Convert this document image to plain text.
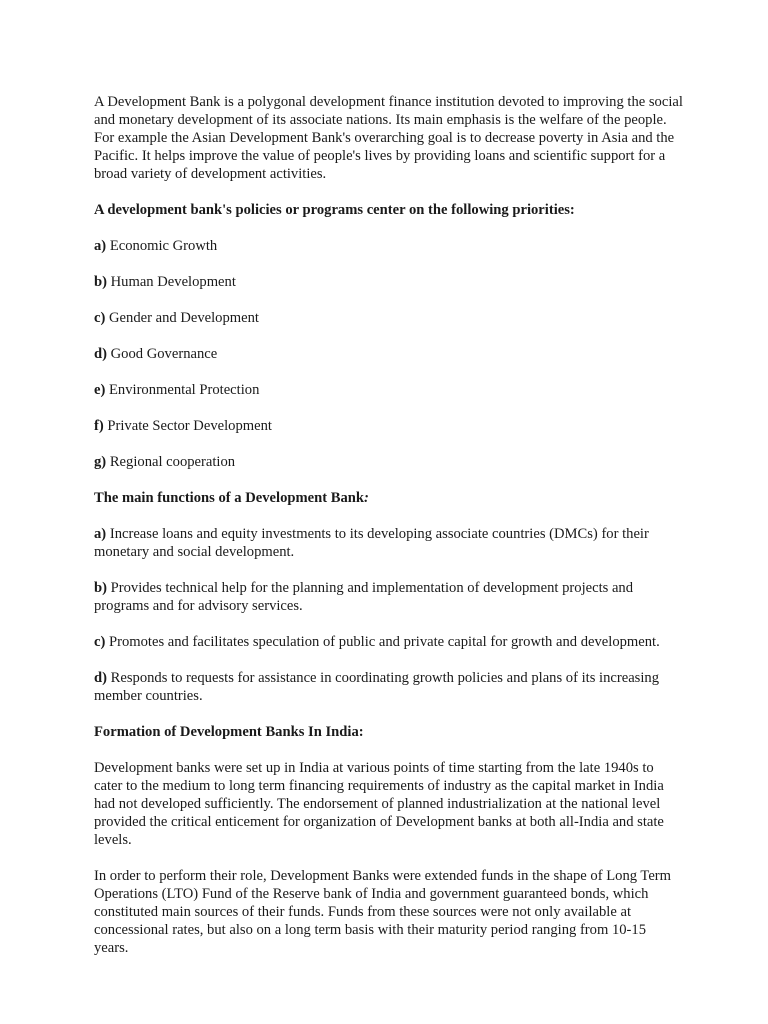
A Development Bank is a polygonal development finance institution devoted to improving the social and monetary development of its associate nations. Its main emphasis is the welfare of the people. For example the Asian Development Bank's overarching goal is to decrease poverty in Asia and the Pacific. It helps improve the value of people's lives by providing loans and scientific support for a broad variety of development activities.

A development bank's policies or programs center on the following priorities:

a) Economic Growth

b) Human Development

c) Gender and Development

d) Good Governance

e) Environmental Protection

f) Private Sector Development

g) Regional cooperation

The main functions of a Development Bank:

a) Increase loans and equity investments to its developing associate countries (DMCs) for their monetary and social development.

b) Provides technical help for the planning and implementation of development projects and programs and for advisory services.

c) Promotes and facilitates speculation of public and private capital for growth and development.

d) Responds to requests for assistance in coordinating growth policies and plans of its increasing member countries.

Formation of Development Banks In India:

Development banks were set up in India at various points of time starting from the late 1940s to cater to the medium to long term financing requirements of industry as the capital market in India had not developed sufficiently. The endorsement of planned industrialization at the national level provided the critical enticement for organization of Development banks at both all-India and state levels.

In order to perform their role, Development Banks were extended funds in the shape of Long Term Operations (LTO) Fund of the Reserve bank of India and government guaranteed bonds, which constituted main sources of their funds. Funds from these sources were not only available at concessional rates, but also on a long term basis with their maturity period ranging from 10-15 years.
